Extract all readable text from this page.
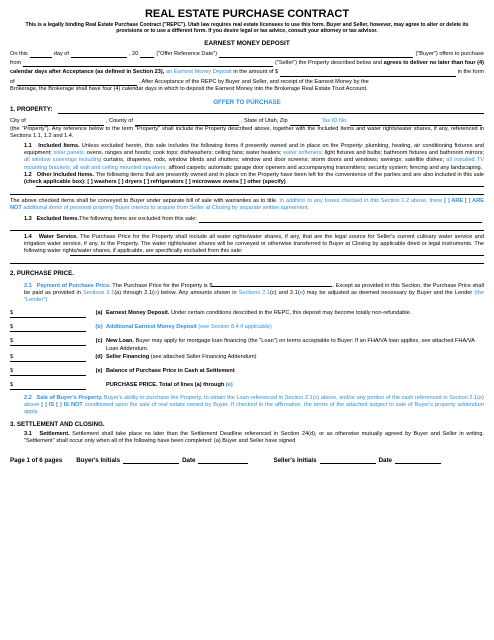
REAL ESTATE PURCHASE CONTRACT
This is a legally binding Real Estate Purchase Contract ("REPC"). Utah law requires real estate licensees to use this form. Buyer and Seller, however, may agree to alter or delete its provisions or to use a different form. If you desire legal or tax advice, consult your attorney or tax advisor.
EARNEST MONEY DEPOSIT
On this	day of	, 20	("Offer Reference Date")	("Buyer") offers to purchase
from	("Seller") the Property described below and
agrees to deliver no later than four (4)
calendar days after Acceptance (as defined in Section 23),
an Earnest Money
Deposit
in the amount of $	in the form
of	. After Acceptance of the REPC by Buyer and Seller, and receipt of the Earnest Money by the

Brokerage, the Brokerage shall have four (4) calendar days in which to deposit the Earnest Money into the Brokerage Real Estate Trust Account.

OFFER TO PURCHASE
1. PROPERTY:
City of	, County of	, State of Utah, Zip	Tax ID No.

(the "Property"). Any reference below to the term "Property" shall include the Property described above, together with the Included Items and water rights/water shares, if any, referenced in Sections 1.1, 1.2 and 1.4.

1.1 Included Items. Unless excluded herein, this sale includes the following items if presently owned and in place on the Property: plumbing, heating, air conditioning fixtures and equipment; solar panels; ovens, ranges and hoods; cook tops; dishwashers; ceiling fans; water heaters; water softeners; light fixtures and bulbs; bathroom fixtures and bathroom mirrors; all window coverings including curtains, draperies, rods, window blinds and shutters; window and door screens; storm doors and windows; awnings; satellite dishes; all installed TV mounting brackets; all wall and ceiling mounted speakers; affixed carpets; automatic garage door openers and accompanying transmitters; security system; fencing and any landscaping.

1.2 Other Included Items. The following items that are presently owned and in place on the Property have been left for the convenience of the parties and are also included in this sale (check applicable box): [ ] washers [ ] dryers [ ] refrigerators [ ] microwave ovens [ ] other (specify)

The above checked items shall be conveyed to Buyer under separate bill of sale with warranties as to title. In addition to any boxes checked in this Section 1.2 above, there [ ] ARE [ ] ARE NOT additional items of personal property Buyer intends to acquire from Seller at Closing by separate written agreement.

1.3
Excluded Items. The following items are excluded from this sale:

1.4 Water Service. The Purchase Price for the Property shall include all water rights/water shares, if any, that are the legal source for Seller's current culinary water service and irrigation water service, if any, to the Property. The water rights/water shares will be conveyed or otherwise transferred to Buyer at Closing by applicable deed or legal instruments. The following water rights/water shares, if applicable, are specifically excluded from this sale:

2. PURCHASE PRICE.

2.1 Payment of Purchase Price. The Purchase Price for the Property is $	. Except as provided in this Section, the Purchase Price shall be paid as provided in Sections 2.1(a) through 2.1(e) below. Any amounts shown in Sections 2.1(c) and 2.1(e) may be adjusted as deemed necessary by Buyer and the Lender (the "Lender").

$	(a) Earnest Money Deposit. Under certain conditions described in the REPC, this deposit may become totally non-refundable.
$	(b) Additional Earnest Money Deposit (see Section 8.4 if applicable)
$	(c) New Loan. Buyer may apply for mortgage loan financing (the "Loan") on terms acceptable to Buyer: If an FHA/VA loan applies, see attached FHA/VA Loan Addendum.
$	(d) Seller Financing (see attached Seller Financing Addendum)
$	(e) Balance of Purchase Price in Cash at Settlement
$	PURCHASE PRICE. Total of lines (a) through (e)

2.2 Sale of Buyer's Property. Buyer's ability to purchase the Property, to obtain the Loan referenced in Section 2.1(c) above, and/or any portion of the cash referenced in Section 2.1(e) above [ ] IS [ ] IS NOT conditioned upon the sale of real estate owned by Buyer. If checked in the affirmative, the terms of the attached subject to sale of Buyer's property addendum apply.

3. SETTLEMENT AND CLOSING.

3.1 Settlement. Settlement shall take place no later than the Settlement Deadline referenced in Section 24(d), or as otherwise mutually agreed by Buyer and Seller in writing. "Settlement" shall occur only when all of the following have been completed: (a) Buyer and Seller have signed

Page 1 of 6 pages Buyer's Initials	Date	Seller's Initials	Date
